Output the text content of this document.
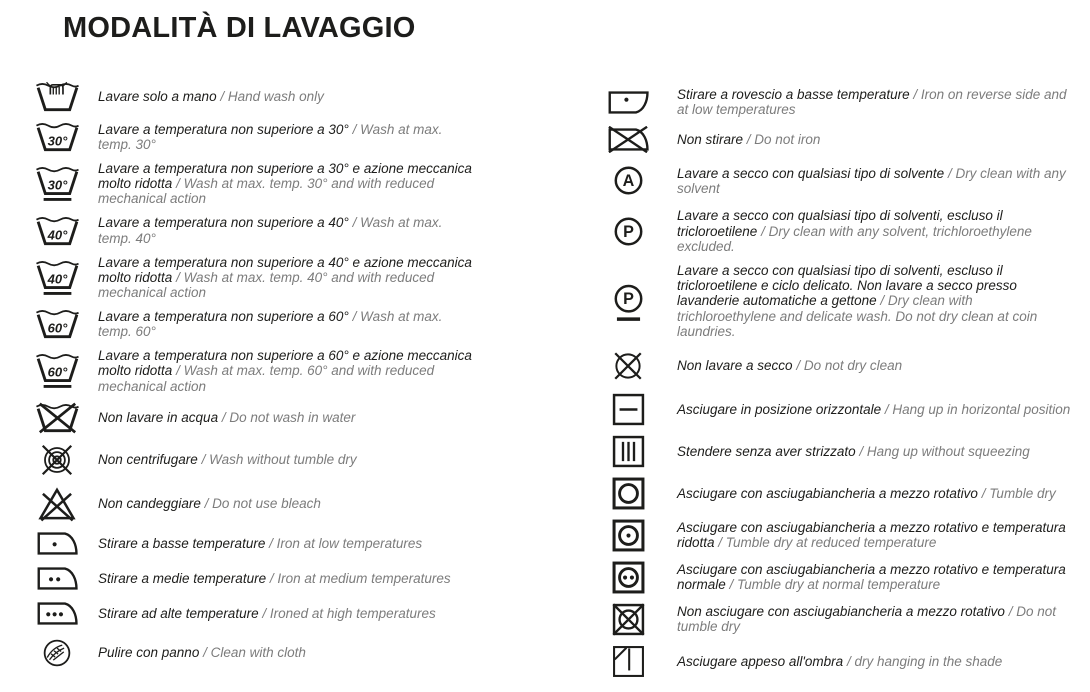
MODALITÀ DI LAVAGGIO

Lavare solo a mano / Hand wash only

30°

Lavare a temperatura non superiore a 30° / Wash at max. temp. 30°

30°

Lavare a temperatura non superiore a 30° e azione meccanica molto ridotta / Wash at max. temp. 30° and with reduced mechanical action

40°

Lavare a temperatura non superiore a 40° / Wash at max. temp. 40°

40°

Lavare a temperatura non superiore a 40° e azione meccanica molto ridotta / Wash at max. temp. 40° and with reduced mechanical action

60°

Lavare a temperatura non superiore a 60° / Wash at max. temp. 60°

60°

Lavare a temperatura non superiore a 60° e azione meccanica molto ridotta / Wash at max. temp. 60° and with reduced mechanical action

Non lavare in acqua / Do not wash in water

Non centrifugare / Wash without tumble dry

Non candeggiare / Do not use bleach

Stirare a basse temperature / Iron at low temperatures

Stirare a medie temperature / Iron at medium temperatures

Stirare ad alte temperature / Ironed at high temperatures

Pulire con panno / Clean with cloth

Stirare a rovescio a basse temperature / Iron on reverse side and at low temperatures

Non stirare / Do not iron

A	Lavare a secco con qualsiasi tipo di solvente / Dry clean with any solvent

P

Lavare a secco con qualsiasi tipo di solventi, escluso il tricloroetilene / Dry clean with any solvent, trichloroethylene excluded.

P

Lavare a secco con qualsiasi tipo di solventi, escluso il tricloroetilene e ciclo delicato. Non lavare a secco presso lavanderie automatiche a gettone / Dry clean with trichloroethylene and delicate wash. Do not dry clean at coin laundries.

Non lavare a secco / Do not dry clean

Asciugare in posizione orizzontale / Hang up in horizontal position

Stendere senza aver strizzato / Hang up without squeezing

Asciugare con asciugabiancheria a mezzo rotativo / Tumble dry

Asciugare con asciugabiancheria a mezzo rotativo e temperatura ridotta / Tumble dry at reduced temperature

Asciugare con asciugabiancheria a mezzo rotativo e temperatura normale / Tumble dry at normal temperature

Non asciugare con asciugabiancheria a mezzo rotativo / Do not tumble dry

Asciugare appeso all'ombra / dry hanging in the shade
